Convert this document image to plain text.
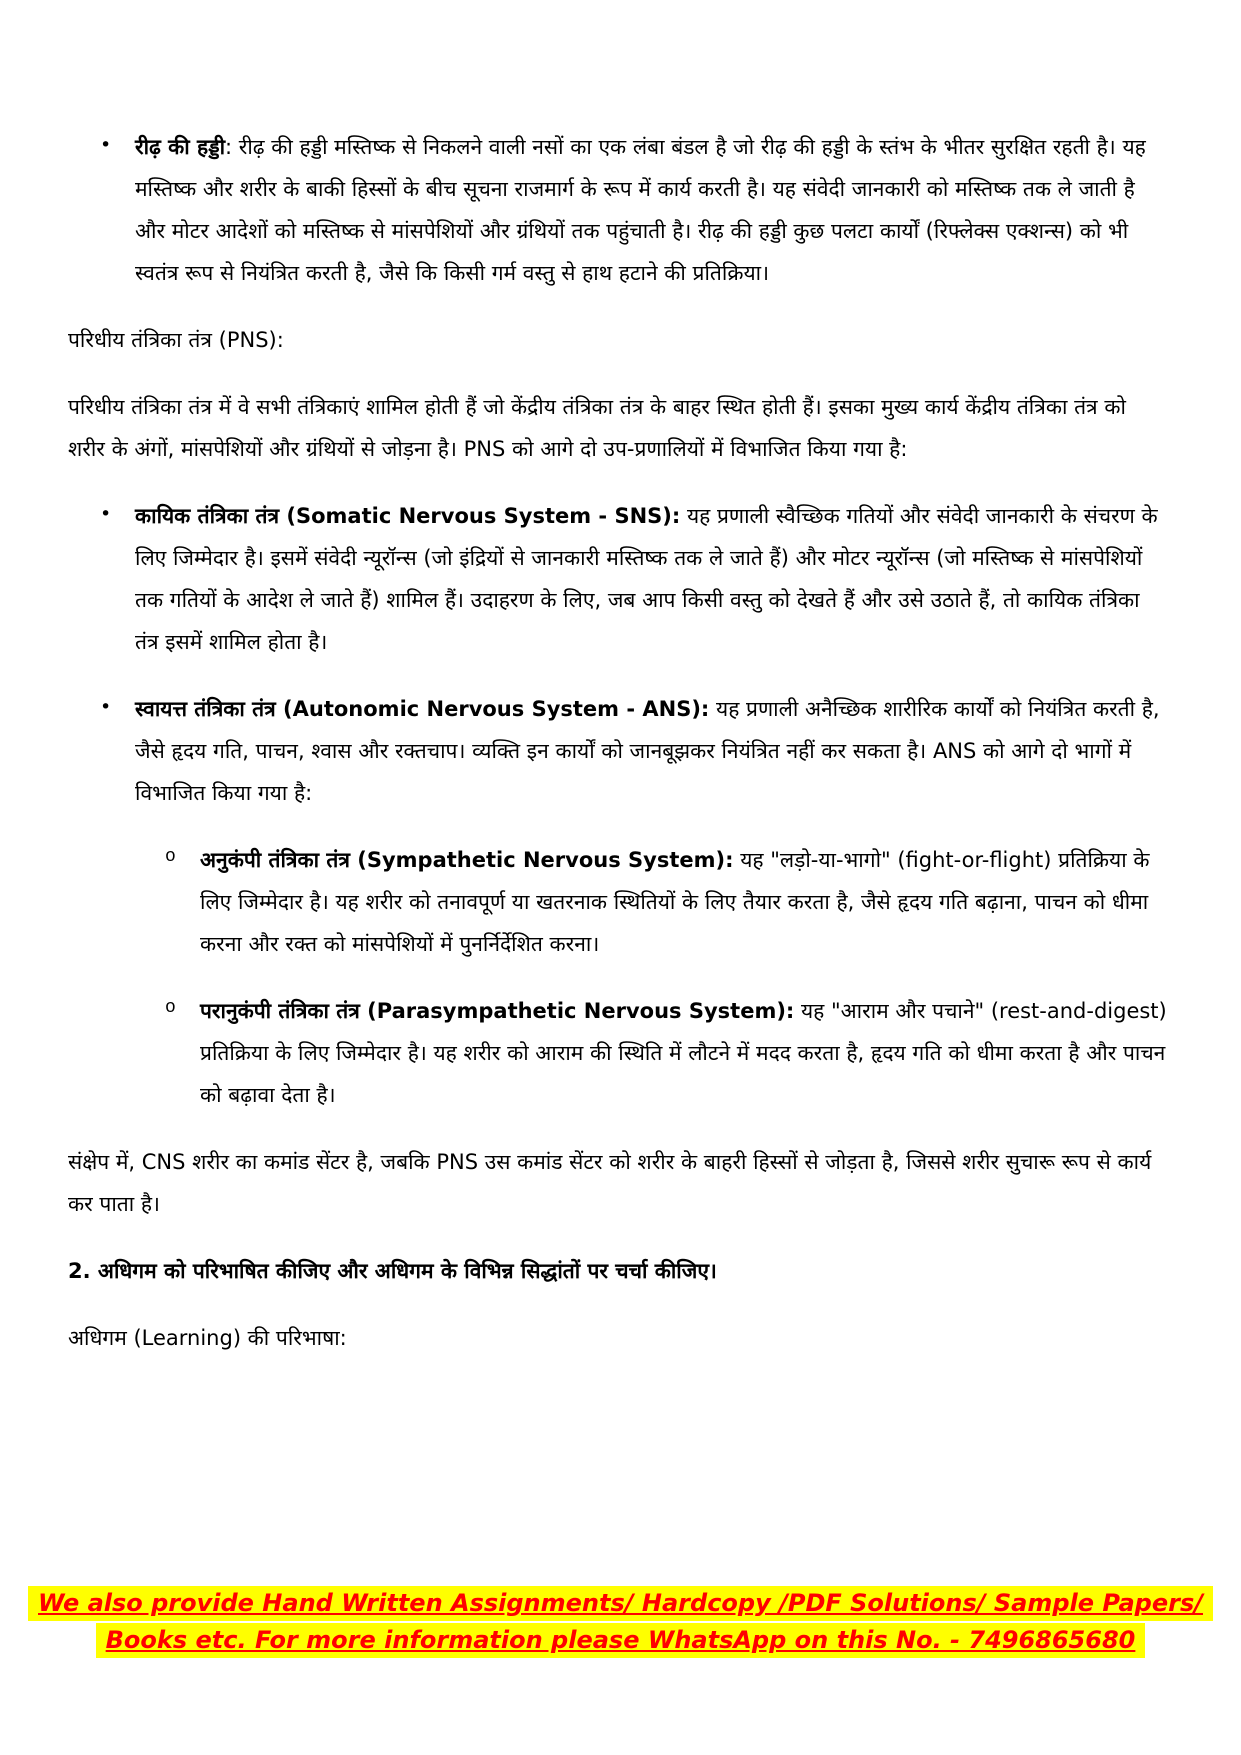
•	रीढ़ की हड्डी: रीढ़ की हड्डी मस्तिष्क से निकलने वाली नसों का एक लंबा बंडल है जो रीढ़ की हड्डी के स्तंभ के भीतर सुरक्षित रहती है। यह मस्तिष्क और शरीर के बाकी हिस्सों के बीच सूचना राजमार्ग के रूप में कार्य करती है। यह संवेदी जानकारी को मस्तिष्क तक ले जाती है और मोटर आदेशों को मस्तिष्क से मांसपेशियों और ग्रंथियों तक पहुंचाती है। रीढ़ की हड्डी कुछ पलटा कार्यों (रिफ्लेक्स एक्शन्स) को भी स्वतंत्र रूप से नियंत्रित करती है, जैसे कि किसी गर्म वस्तु से हाथ हटाने की प्रतिक्रिया।

परिधीय तंत्रिका तंत्र (PNS):

परिधीय तंत्रिका तंत्र में वे सभी तंत्रिकाएं शामिल होती हैं जो केंद्रीय तंत्रिका तंत्र के बाहर स्थित होती हैं। इसका मुख्य कार्य केंद्रीय तंत्रिका तंत्र को शरीर के अंगों, मांसपेशियों और ग्रंथियों से जोड़ना है। PNS को आगे दो उप-प्रणालियों में विभाजित किया गया है:

•	कायिक तंत्रिका तंत्र (Somatic Nervous System - SNS): यह प्रणाली स्वैच्छिक गतियों और संवेदी जानकारी के संचरण के लिए जिम्मेदार है। इसमें संवेदी न्यूरॉन्स (जो इंद्रियों से जानकारी मस्तिष्क तक ले जाते हैं) और मोटर न्यूरॉन्स (जो मस्तिष्क से मांसपेशियों तक गतियों के आदेश ले जाते हैं) शामिल हैं। उदाहरण के लिए, जब आप किसी वस्तु को देखते हैं और उसे उठाते हैं, तो कायिक तंत्रिका तंत्र इसमें शामिल होता है।
•	स्वायत्त तंत्रिका तंत्र (Autonomic Nervous System - ANS): यह प्रणाली अनैच्छिक शारीरिक कार्यों को नियंत्रित करती है, जैसे हृदय गति, पाचन, श्वास और रक्तचाप। व्यक्ति इन कार्यों को जानबूझकर नियंत्रित नहीं कर सकता है। ANS को आगे दो भागों में विभाजित किया गया है:
o	अनुकंपी तंत्रिका तंत्र (Sympathetic Nervous System): यह "लड़ो-या-भागो" (fight-or-flight) प्रतिक्रिया के लिए जिम्मेदार है। यह शरीर को तनावपूर्ण या खतरनाक स्थितियों के लिए तैयार करता है, जैसे हृदय गति बढ़ाना, पाचन को धीमा करना और रक्त को मांसपेशियों में पुनर्निर्देशित करना।
o	परानुकंपी तंत्रिका तंत्र (Parasympathetic Nervous System): यह "आराम और पचाने" (rest-and-digest) प्रतिक्रिया के लिए जिम्मेदार है। यह शरीर को आराम की स्थिति में लौटने में मदद करता है, हृदय गति को धीमा करता है और पाचन को बढ़ावा देता है।

संक्षेप में, CNS शरीर का कमांड सेंटर है, जबकि PNS उस कमांड सेंटर को शरीर के बाहरी हिस्सों से जोड़ता है, जिससे शरीर सुचारू रूप से कार्य कर पाता है।

2. अधिगम को परिभाषित कीजिए और अधिगम के विभिन्न सिद्धांतों पर चर्चा कीजिए।

अधिगम (Learning) की परिभाषा:

We also provide Hand Written Assignments/ Hardcopy /PDF Solutions/ Sample Papers/
Books etc. For more information please WhatsApp on this No. - 7496865680
